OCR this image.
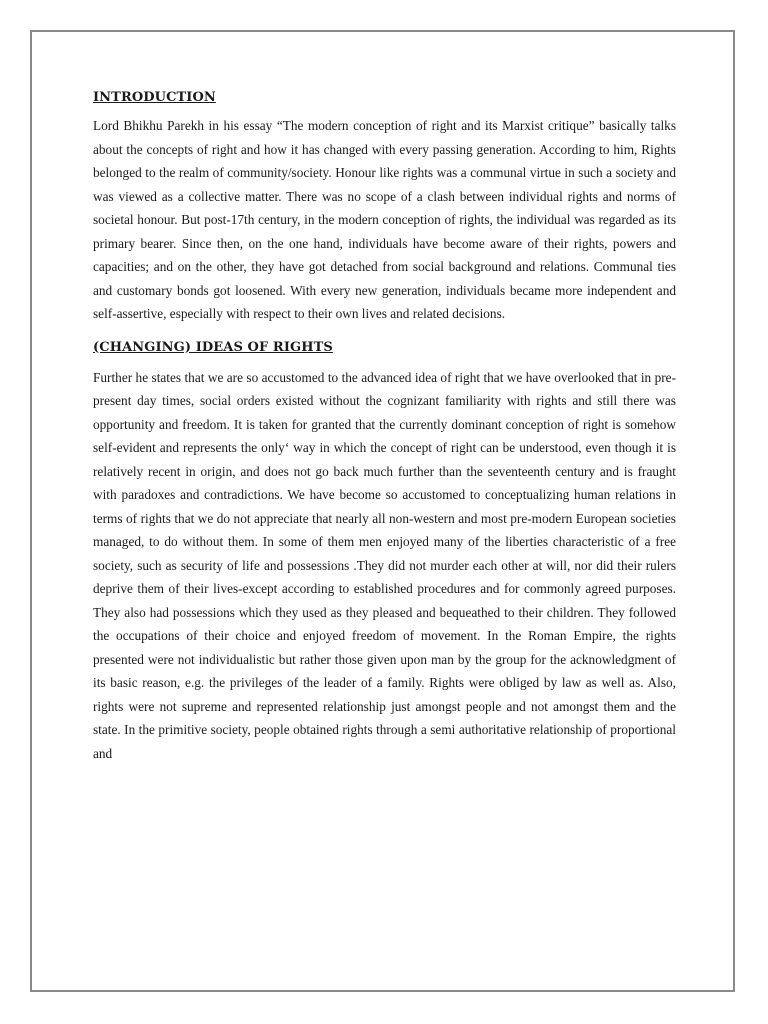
INTRODUCTION

Lord Bhikhu Parekh in his essay “The modern conception of right and its Marxist critique” basically talks about the concepts of right and how it has changed with every passing generation. According to him, Rights belonged to the realm of community/society. Honour like rights was a communal virtue in such a society and was viewed as a collective matter. There was no scope of a clash between individual rights and norms of societal honour. But post-17th century, in the modern conception of rights, the individual was regarded as its primary bearer. Since then, on the one hand, individuals have become aware of their rights, powers and capacities; and on the other, they have got detached from social background and relations. Communal ties and customary bonds got loosened. With every new generation, individuals became more independent and self-assertive, especially with respect to their own lives and related decisions.

(CHANGING) IDEAS OF RIGHTS

Further he states that we are so accustomed to the advanced idea of right that we have overlooked that in pre-present day times, social orders existed without the cognizant familiarity with rights and still there was opportunity and freedom. It is taken for granted that the currently dominant conception of right is somehow self-evident and represents the only‘ way in which the concept of right can be understood, even though it is relatively recent in origin, and does not go back much further than the seventeenth century and is fraught with paradoxes and contradictions. We have become so accustomed to conceptualizing human relations in terms of rights that we do not appreciate that nearly all non-western and most pre-modern European societies managed, to do without them. In some of them men enjoyed many of the liberties characteristic of a free society, such as security of life and possessions .They did not murder each other at will, nor did their rulers deprive them of their lives-except according to established procedures and for commonly agreed purposes. They also had possessions which they used as they pleased and bequeathed to their children. They followed the occupations of their choice and enjoyed freedom of movement. In the Roman Empire, the rights presented were not individualistic but rather those given upon man by the group for the acknowledgment of its basic reason, e.g. the privileges of the leader of a family. Rights were obliged by law as well as. Also, rights were not supreme and represented relationship just amongst people and not amongst them and the state. In the primitive society, people obtained rights through a semi authoritative relationship of proportional and
